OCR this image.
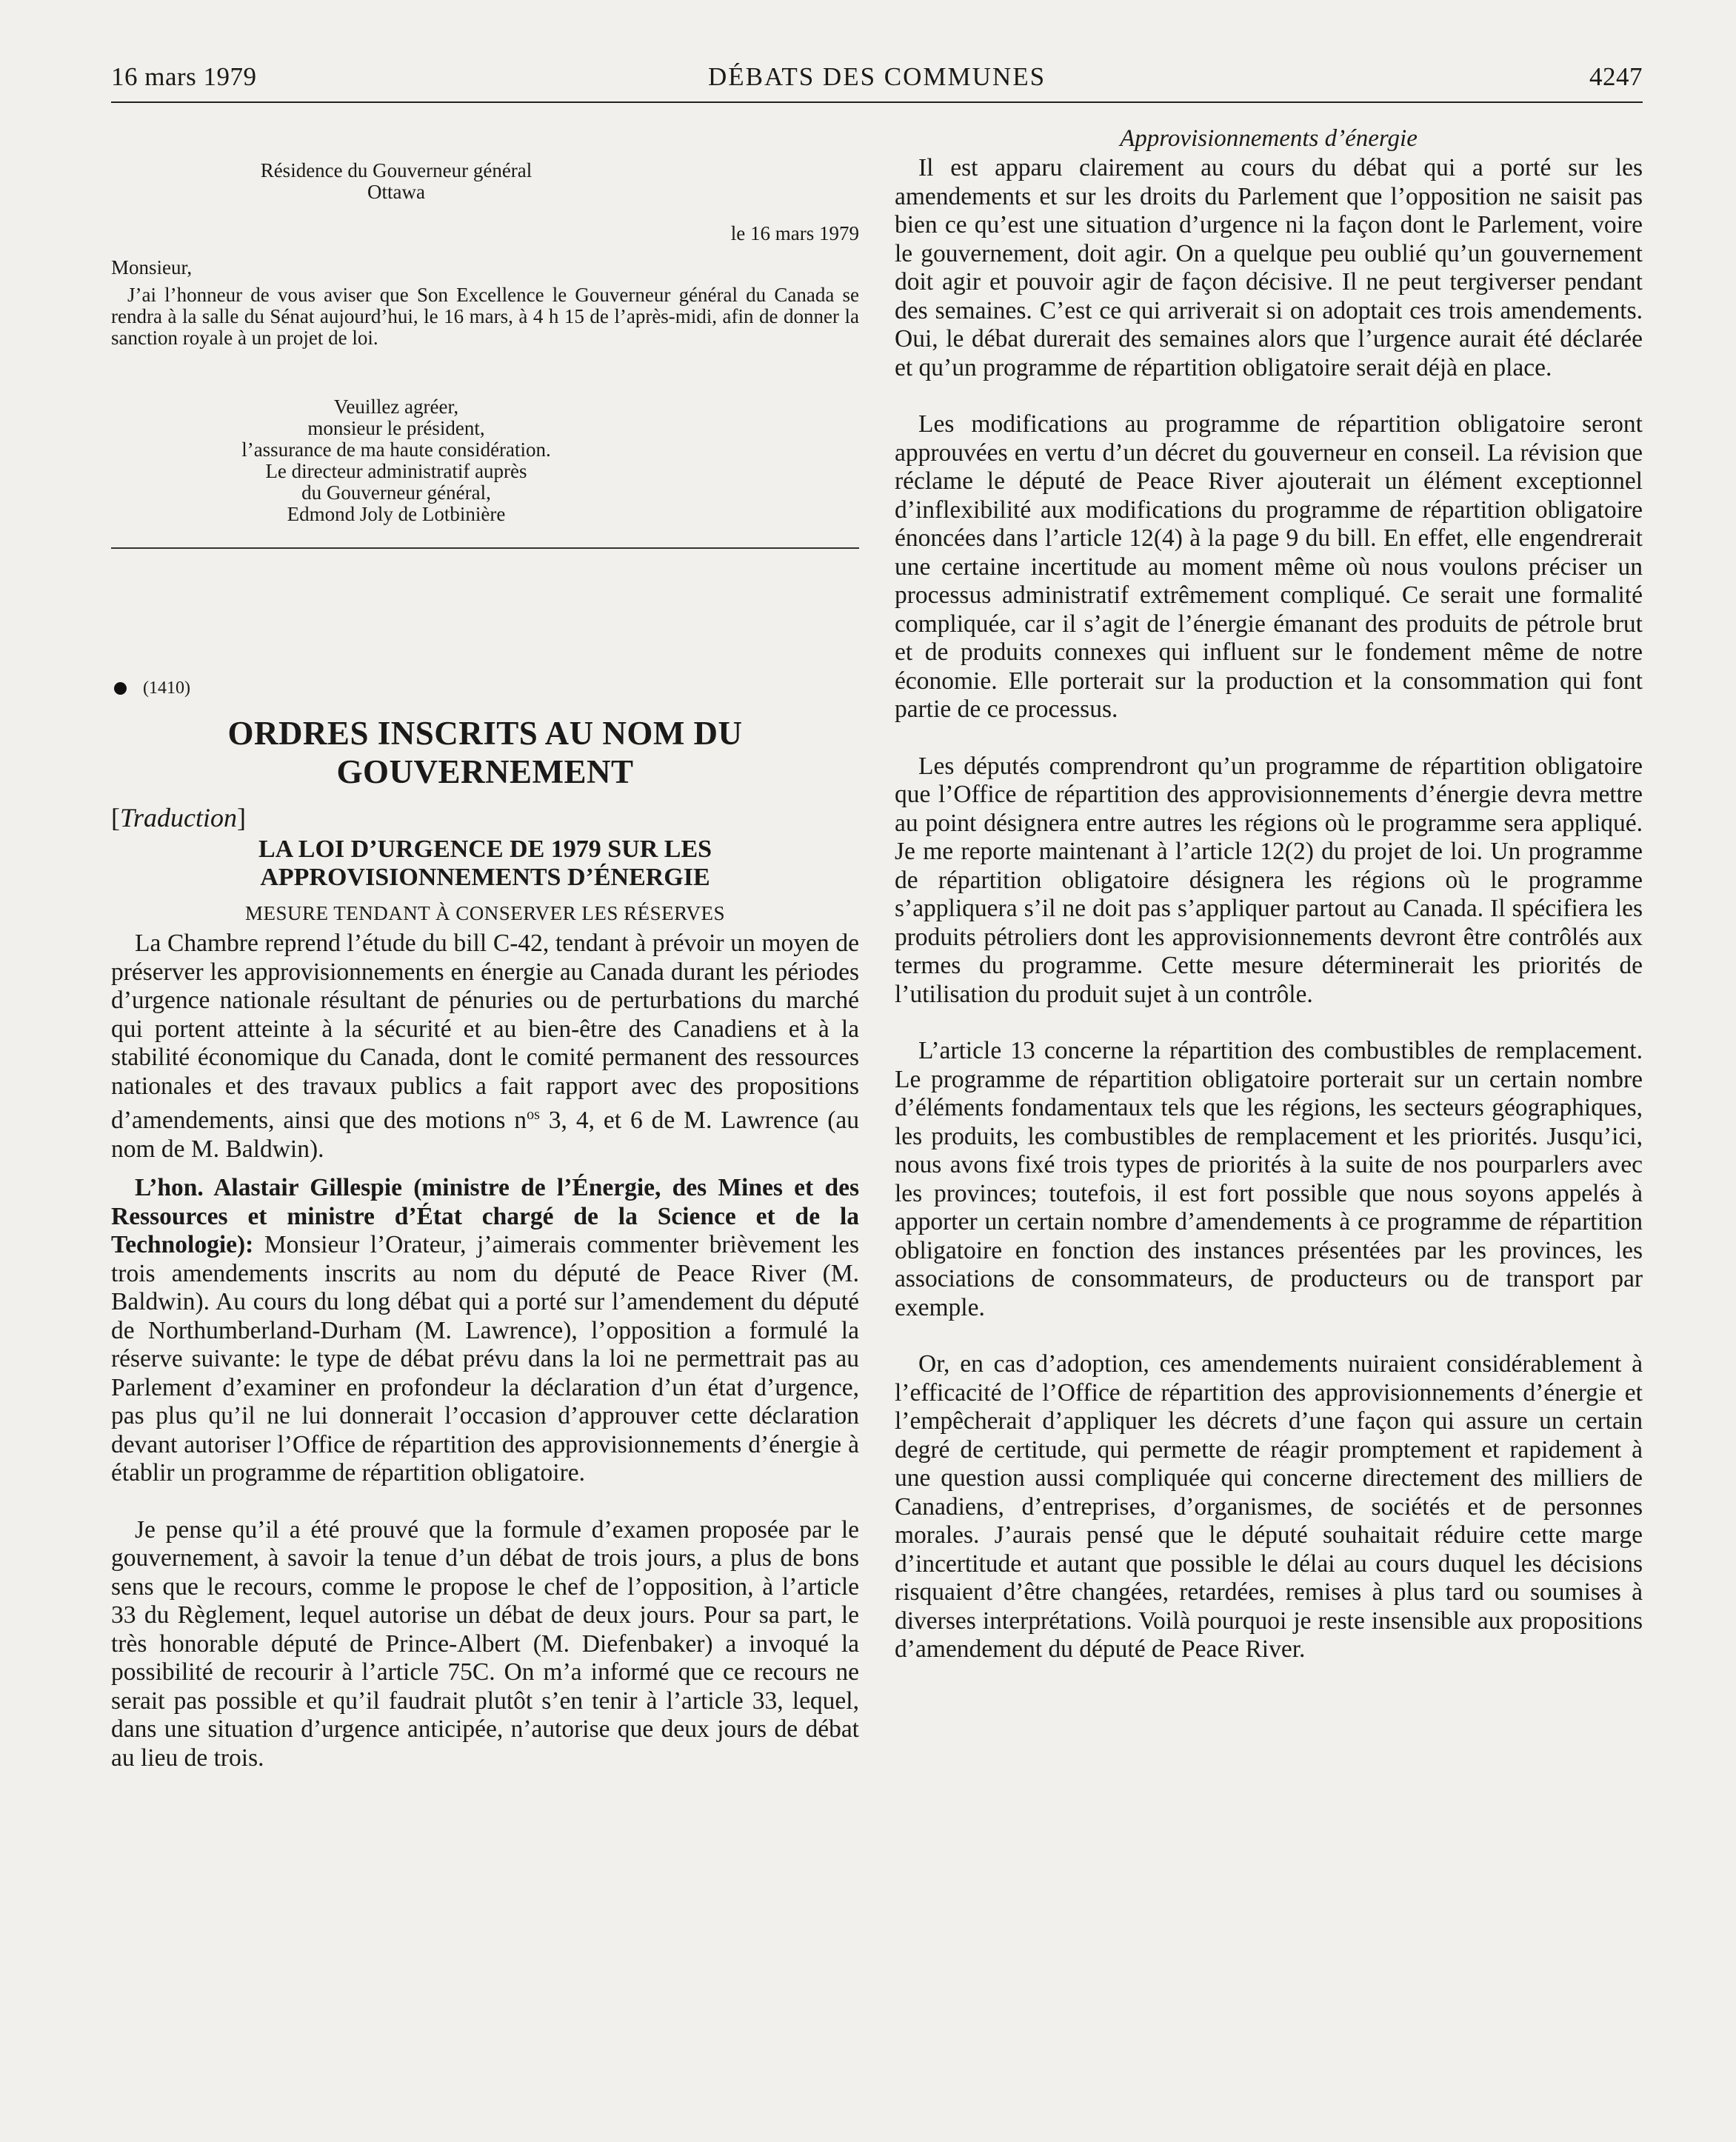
DÉBATS DES COMMUNES
16 mars 1979	4247
Résidence du Gouverneur général
Ottawa
le 16 mars 1979
Monsieur,
J’ai l’honneur de vous aviser que Son Excellence le Gouverneur général du Canada se rendra à la salle du Sénat aujourd’hui, le 16 mars, à 4 h 15 de l’après-midi, afin de donner la sanction royale à un projet de loi.
Veuillez agréer,
monsieur le président,
l’assurance de ma haute considération.
Le directeur administratif auprès
du Gouverneur général,
Edmond Joly de Lotbinière
(1410)
ORDRES INSCRITS AU NOM DU
GOUVERNEMENT
[Traduction]
LA LOI D’URGENCE DE 1979 SUR LES
APPROVISIONNEMENTS D’ÉNERGIE
MESURE TENDANT À CONSERVER LES RÉSERVES

La Chambre reprend l’étude du bill C-42, tendant à prévoir un moyen de préserver les approvisionnements en énergie au Canada durant les périodes d’urgence nationale résultant de pénuries ou de perturbations du marché qui portent atteinte à la sécurité et au bien-être des Canadiens et à la stabilité économique du Canada, dont le comité permanent des ressources nationales et des travaux publics a fait rapport avec des propositions d’amendements, ainsi que des motions $n^{os}$ 3, 4, et 6 de M. Lawrence (au nom de M. Baldwin).

L’hon. Alastair Gillespie (ministre de l’Énergie, des Mines et des Ressources et ministre d’État chargé de la Science et de la Technologie): Monsieur l’Orateur, j’aimerais commenter brièvement les trois amendements inscrits au nom du député de Peace River (M. Baldwin). Au cours du long débat qui a porté sur l’amendement du député de Northumberland-Durham (M. Lawrence), l’opposition a formulé la réserve suivante: le type de débat prévu dans la loi ne permettrait pas au Parlement d’examiner en profondeur la déclaration d’un état d’urgence, pas plus qu’il ne lui donnerait l’occasion d’approuver cette déclaration devant autoriser l’Office de répartition des approvisionnements d’énergie à établir un programme de répartition obligatoire.

Je pense qu’il a été prouvé que la formule d’examen proposée par le gouvernement, à savoir la tenue d’un débat de trois jours, a plus de bons sens que le recours, comme le propose le chef de l’opposition, à l’article 33 du Règlement, lequel autorise un débat de deux jours. Pour sa part, le très honorable député de Prince-Albert (M. Diefenbaker) a invoqué la possibilité de recourir à l’article 75C. On m’a informé que ce recours ne serait pas possible et qu’il faudrait plutôt s’en tenir à l’article 33, lequel, dans une situation d’urgence anticipée, n’autorise que deux jours de débat au lieu de trois.

Approvisionnements d’énergie

Il est apparu clairement au cours du débat qui a porté sur les amendements et sur les droits du Parlement que l’opposition ne saisit pas bien ce qu’est une situation d’urgence ni la façon dont le Parlement, voire le gouvernement, doit agir. On a quelque peu oublié qu’un gouvernement doit agir et pouvoir agir de façon décisive. Il ne peut tergiverser pendant des semaines. C’est ce qui arriverait si on adoptait ces trois amendements. Oui, le débat durerait des semaines alors que l’urgence aurait été déclarée et qu’un programme de répartition obligatoire serait déjà en place.

Les modifications au programme de répartition obligatoire seront approuvées en vertu d’un décret du gouverneur en conseil. La révision que réclame le député de Peace River ajouterait un élément exceptionnel d’inflexibilité aux modifications du programme de répartition obligatoire énoncées dans l’article 12(4) à la page 9 du bill. En effet, elle engendrerait une certaine incertitude au moment même où nous voulons préciser un processus administratif extrêmement compliqué. Ce serait une formalité compliquée, car il s’agit de l’énergie émanant des produits de pétrole brut et de produits connexes qui influent sur le fondement même de notre économie. Elle porterait sur la production et la consommation qui font partie de ce processus.

Les députés comprendront qu’un programme de répartition obligatoire que l’Office de répartition des approvisionnements d’énergie devra mettre au point désignera entre autres les régions où le programme sera appliqué. Je me reporte maintenant à l’article 12(2) du projet de loi. Un programme de répartition obligatoire désignera les régions où le programme s’appliquera s’il ne doit pas s’appliquer partout au Canada. Il spécifiera les produits pétroliers dont les approvisionnements devront être contrôlés aux termes du programme. Cette mesure déterminerait les priorités de l’utilisation du produit sujet à un contrôle.

L’article 13 concerne la répartition des combustibles de remplacement. Le programme de répartition obligatoire porterait sur un certain nombre d’éléments fondamentaux tels que les régions, les secteurs géographiques, les produits, les combustibles de remplacement et les priorités. Jusqu’ici, nous avons fixé trois types de priorités à la suite de nos pourparlers avec les provinces; toutefois, il est fort possible que nous soyons appelés à apporter un certain nombre d’amendements à ce programme de répartition obligatoire en fonction des instances présentées par les provinces, les associations de consommateurs, de producteurs ou de transport par exemple.

Or, en cas d’adoption, ces amendements nuiraient considérablement à l’efficacité de l’Office de répartition des approvisionnements d’énergie et l’empêcherait d’appliquer les décrets d’une façon qui assure un certain degré de certitude, qui permette de réagir promptement et rapidement à une question aussi compliquée qui concerne directement des milliers de Canadiens, d’entreprises, d’organismes, de sociétés et de personnes morales. J’aurais pensé que le député souhaitait réduire cette marge d’incertitude et autant que possible le délai au cours duquel les décisions risquaient d’être changées, retardées, remises à plus tard ou soumises à diverses interprétations. Voilà pourquoi je reste insensible aux propositions d’amendement du député de Peace River.
